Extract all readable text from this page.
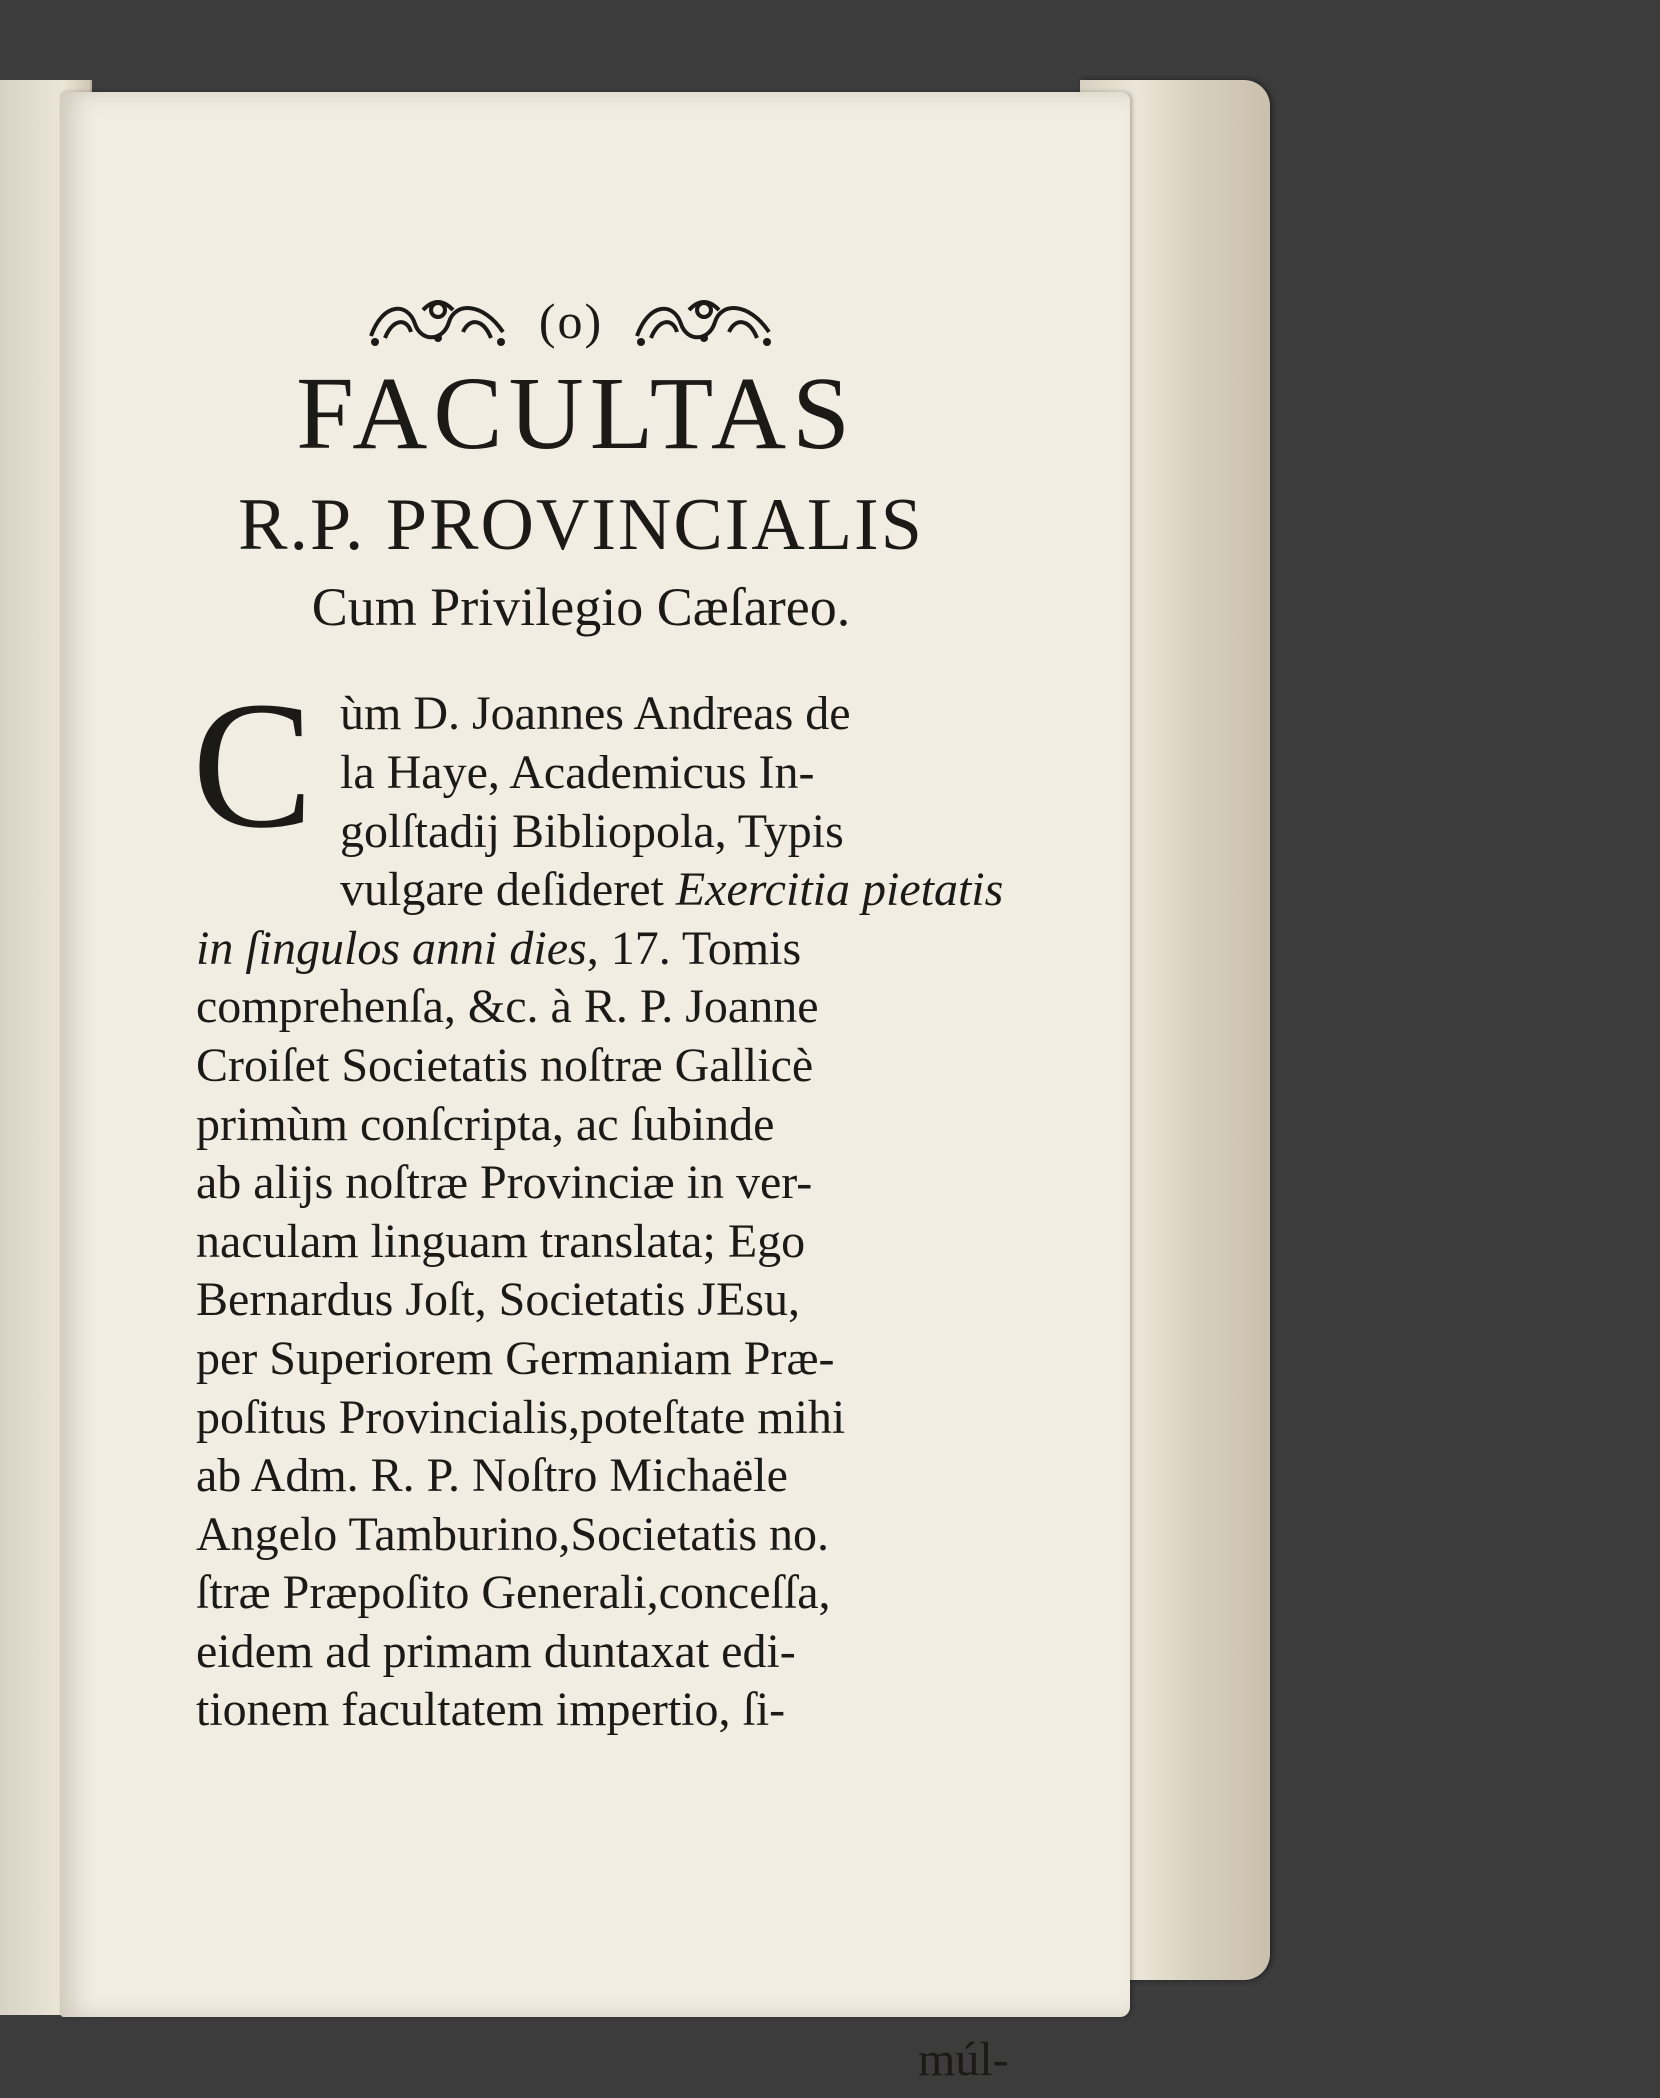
(o)
FACULTAS
R.P. PROVINCIALIS
Cum Privilegio Cæſareo.
C ùm D. Joannes Andreas de
la Haye, Academicus In-
golſtadij Bibliopola, Typis
vulgare deſideret Exercitia pietatis
in ſingulos anni dies, 17. Tomis
comprehenſa, &c. à R. P. Joanne
Croiſet Societatis noſtræ Gallicè
primùm conſcripta, ac ſubinde
ab alijs noſtræ Provinciæ in ver-
naculam linguam translata; Ego
Bernardus Joſt, Societatis JEsu,
per Superiorem Germaniam Præ-
poſitus Provincialis,poteſtate mihi
ab Adm. R. P. Noſtro Michaële
Angelo Tamburino,Societatis no.
ſtræ Præpoſito Generali,conceſſa,
eidem ad primam duntaxat edi-
tionem facultatem impertio, ſi-
múl-
